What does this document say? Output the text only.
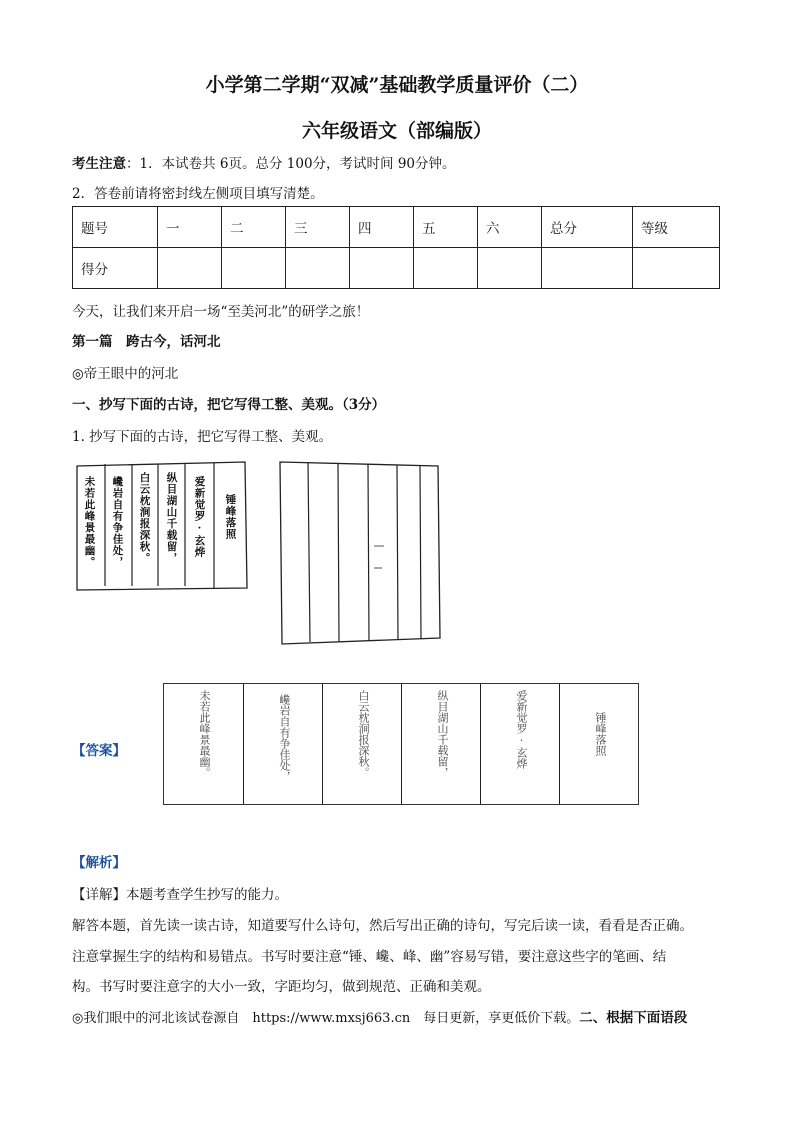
小学第二学期“双减”基础教学质量评价（二）
六年级语文（部编版）
考生注意：1．本试卷共 6页。总分 100分，考试时间 90分钟。
2．答卷前请将密封线左侧项目填写清楚。
题号	一	二	三	四	五	六	总分	等级
得分								
今天，让我们来开启一场“至美河北”的研学之旅！
第一篇　跨古今，话河北
◎帝王眼中的河北
一、抄写下面的古诗，把它写得工整、美观。（3分）
1. 抄写下面的古诗，把它写得工整、美观。
未若此峰景最幽。 巉岩自有争佳处， 白云枕涧报深秋。 纵目湖山千载留， 爱新觉罗·玄烨 锤峰落照
【答案】	未若此峰景最幽。	巉岩自有争佳处，	白云枕涧报深秋。	纵目湖山千载留，	爱新觉罗·玄烨	锤峰落照
【解析】
【详解】本题考查学生抄写的能力。
解答本题，首先读一读古诗，知道要写什么诗句，然后写出正确的诗句，写完后读一读，看看是否正确。
注意掌握生字的结构和易错点。书写时要注意“锤、巉、峰、幽”容易写错，要注意这些字的笔画、结
构。书写时要注意字的大小一致，字距均匀，做到规范、正确和美观。
◎我们眼中的河北该试卷源自　https://www.mxsj663.cn　每日更新，享更低价下载。二、根据下面语段
